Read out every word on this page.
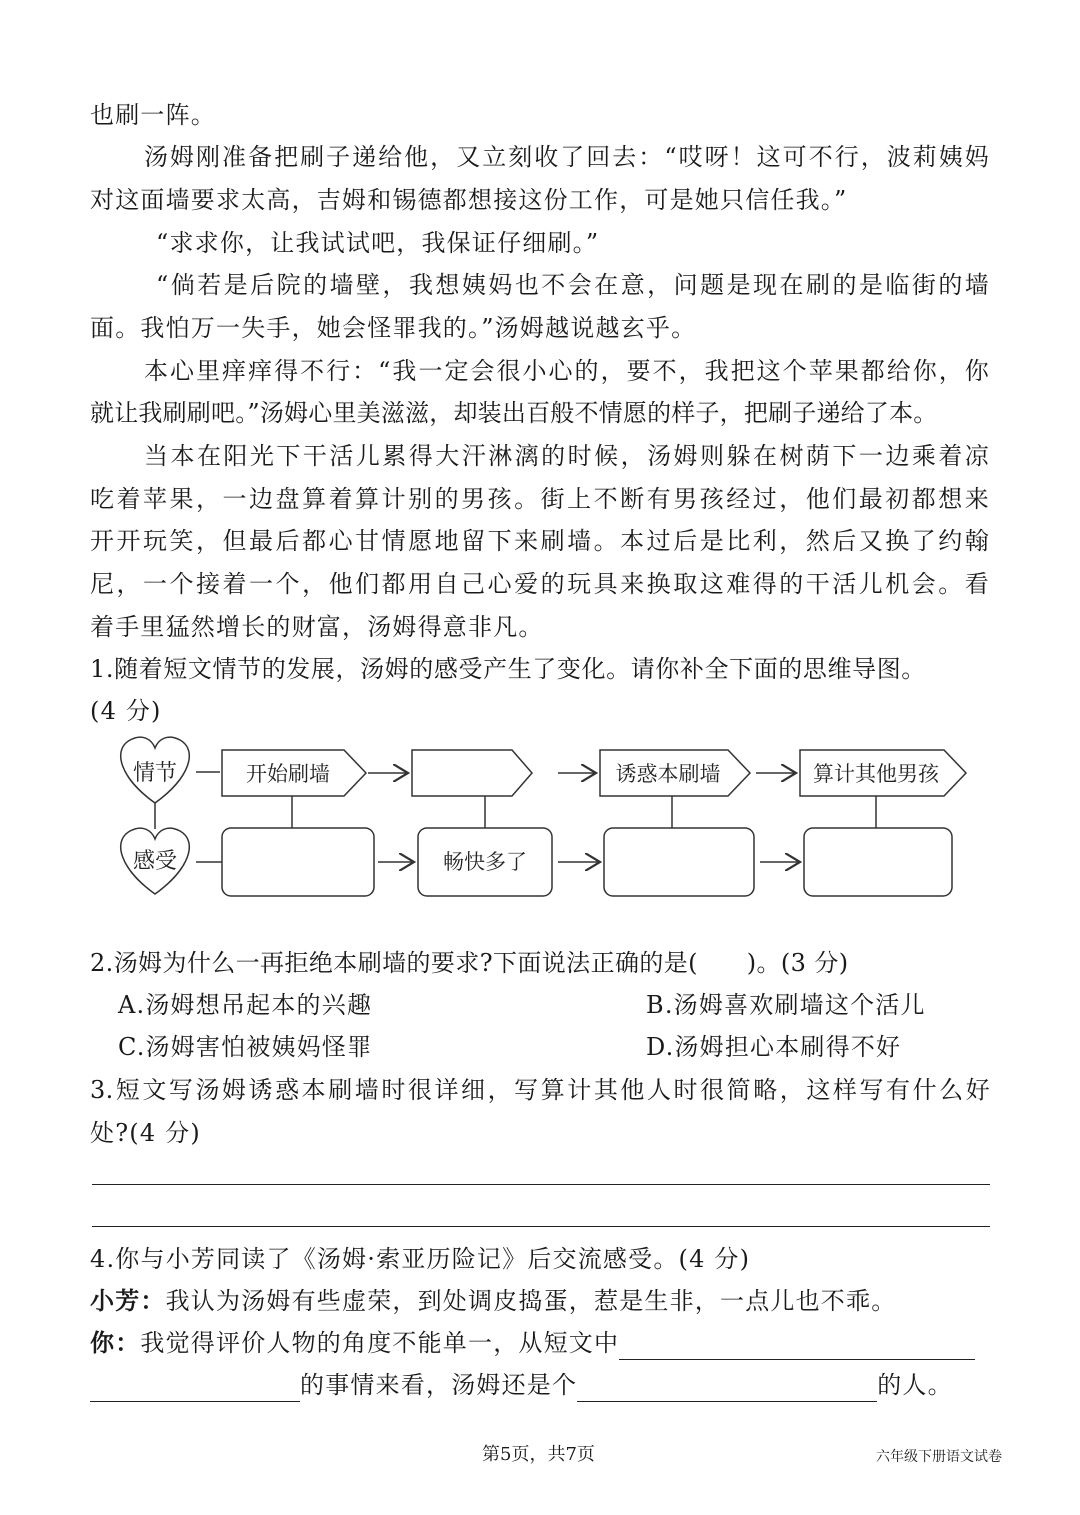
也刷一阵。
汤姆刚准备把刷子递给他，又立刻收了回去：“哎呀！这可不行，波莉姨妈
对这面墙要求太高，吉姆和锡德都想接这份工作，可是她只信任我。”
“求求你，让我试试吧，我保证仔细刷。”
“倘若是后院的墙壁，我想姨妈也不会在意，问题是现在刷的是临街的墙
面。我怕万一失手，她会怪罪我的。”汤姆越说越玄乎。
本心里痒痒得不行：“我一定会很小心的，要不，我把这个苹果都给你，你
就让我刷刷吧。”汤姆心里美滋滋，却装出百般不情愿的样子，把刷子递给了本。
当本在阳光下干活儿累得大汗淋漓的时候，汤姆则躲在树荫下一边乘着凉
吃着苹果，一边盘算着算计别的男孩。街上不断有男孩经过，他们最初都想来
开开玩笑，但最后都心甘情愿地留下来刷墙。本过后是比利，然后又换了约翰
尼，一个接着一个，他们都用自己心爱的玩具来换取这难得的干活儿机会。看
着手里猛然增长的财富，汤姆得意非凡。
1.随着短文情节的发展，汤姆的感受产生了变化。请你补全下面的思维导图。
(4 分)
情节
感受
开始刷墙	诱惑本刷墙	算计其他男孩
畅快多了
2.汤姆为什么一再拒绝本刷墙的要求?下面说法正确的是(　　)。(3 分)
A.汤姆想吊起本的兴趣	B.汤姆喜欢刷墙这个活儿
C.汤姆害怕被姨妈怪罪	D.汤姆担心本刷得不好
3.短文写汤姆诱惑本刷墙时很详细，写算计其他人时很简略，这样写有什么好
处?(4 分)
4.你与小芳同读了《汤姆·索亚历险记》后交流感受。(4 分)
小芳：我认为汤姆有些虚荣，到处调皮捣蛋，惹是生非，一点儿也不乖。
你：我觉得评价人物的角度不能单一，从短文中
的事情来看，汤姆还是个	的人。
第5页，共7页	六年级下册语文试卷
